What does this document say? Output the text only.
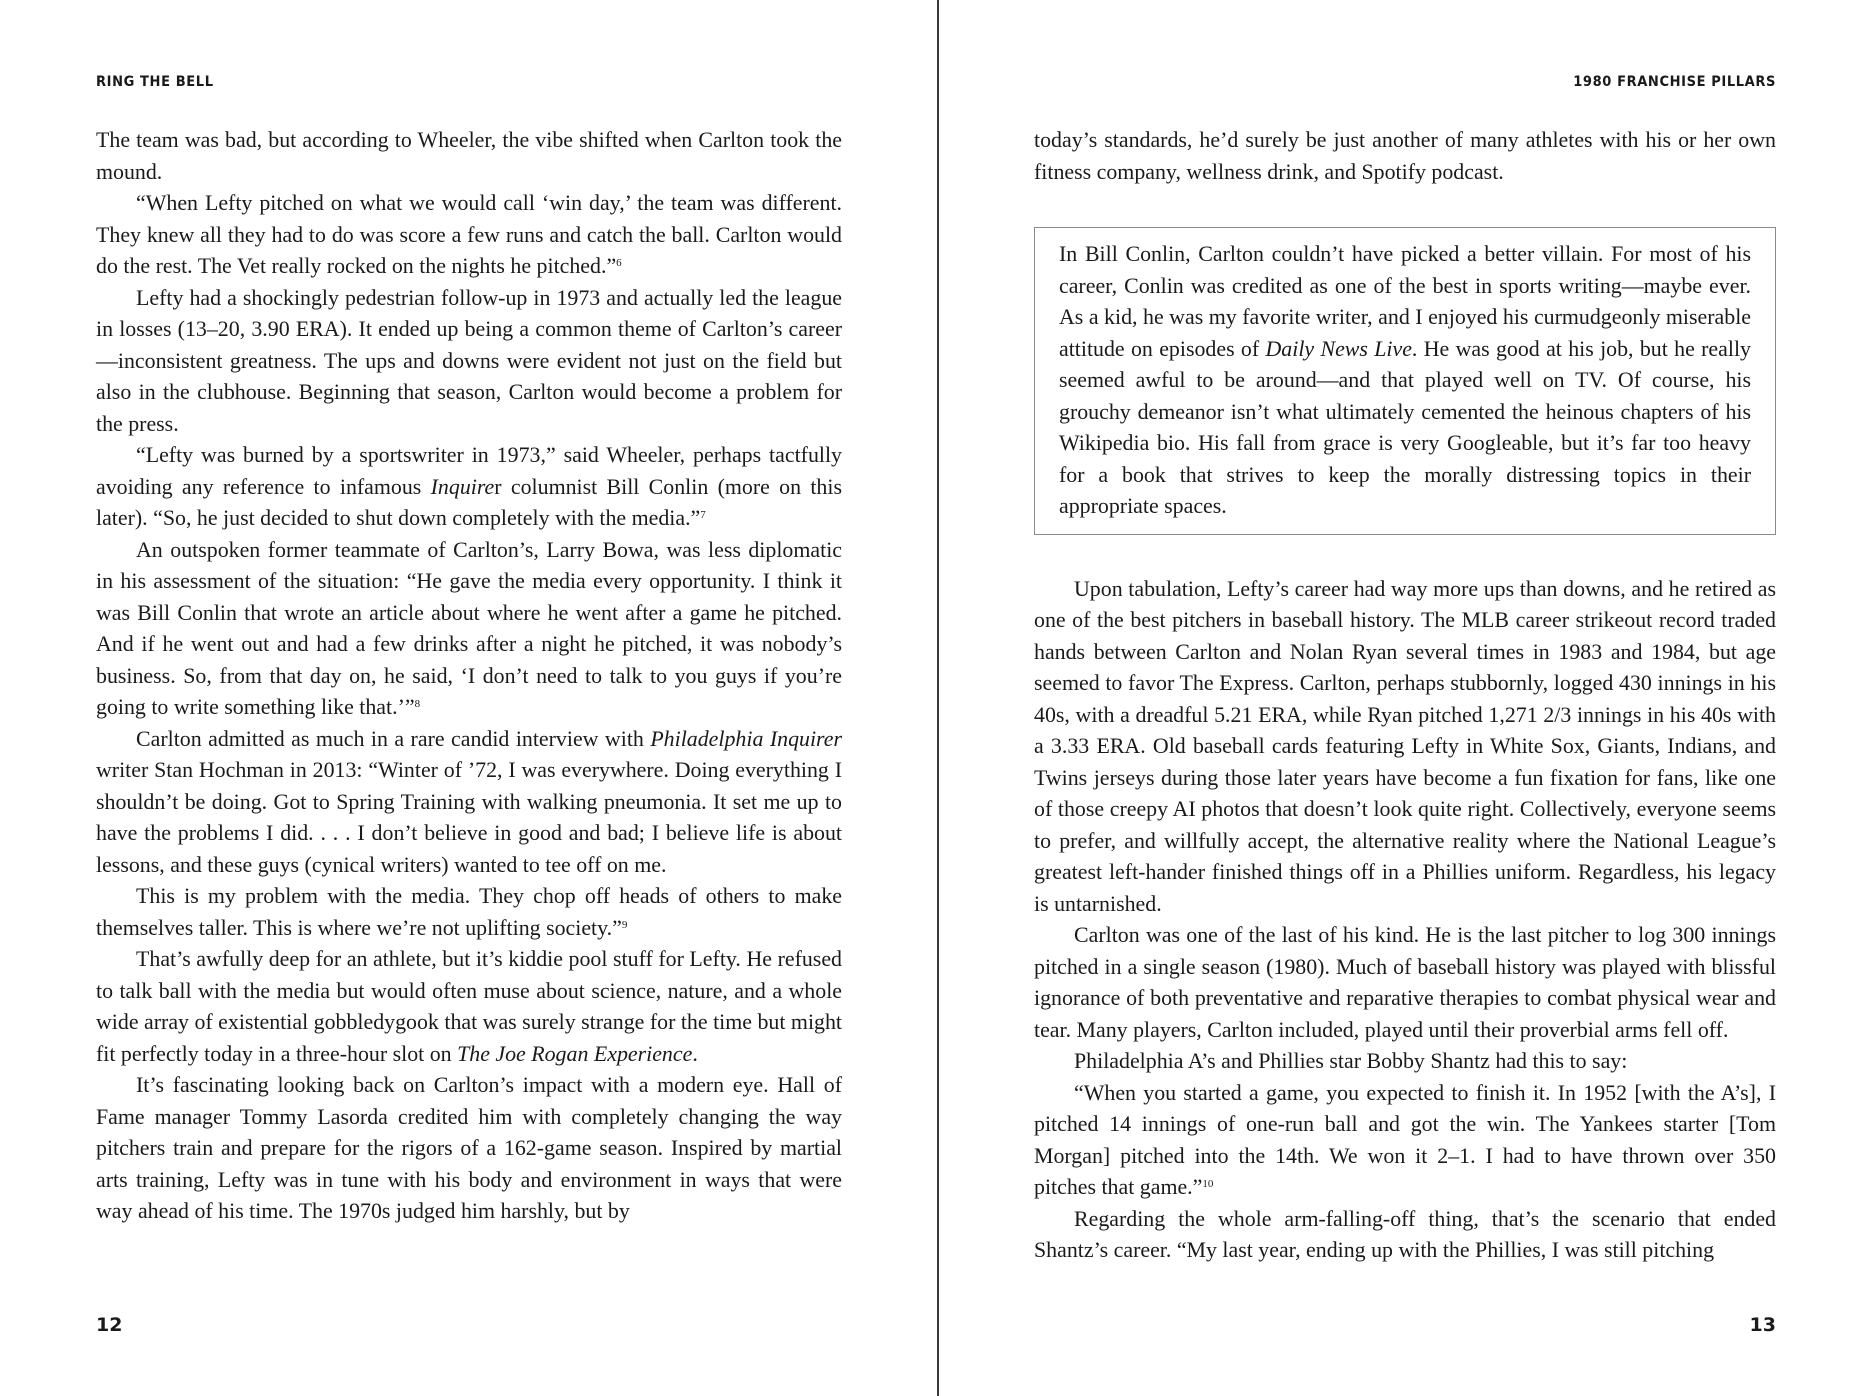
RING THE BELL

The team was bad, but according to Wheeler, the vibe shifted when Carlton took the mound.

“When Lefty pitched on what we would call ‘win day,’ the team was different. They knew all they had to do was score a few runs and catch the ball. Carlton would do the rest. The Vet really rocked on the nights he pitched.”$^6$

Lefty had a shockingly pedestrian follow-up in 1973 and actually led the league in losses (13–20, 3.90 ERA). It ended up being a common theme of Carlton’s career—inconsistent greatness. The ups and downs were evident not just on the field but also in the clubhouse. Beginning that season, Carlton would become a problem for the press.

“Lefty was burned by a sportswriter in 1973,” said Wheeler, perhaps tactfully avoiding any reference to infamous Inquirer columnist Bill Conlin (more on this later). “So, he just decided to shut down completely with the media.”$^7$

An outspoken former teammate of Carlton’s, Larry Bowa, was less diplomatic in his assessment of the situation: “He gave the media every opportunity. I think it was Bill Conlin that wrote an article about where he went after a game he pitched. And if he went out and had a few drinks after a night he pitched, it was nobody’s business. So, from that day on, he said, ‘I don’t need to talk to you guys if you’re going to write something like that.’”$^8$

Carlton admitted as much in a rare candid interview with Philadelphia Inquirer writer Stan Hochman in 2013: “Winter of ’72, I was everywhere. Doing everything I shouldn’t be doing. Got to Spring Training with walking pneumonia. It set me up to have the problems I did. . . . I don’t believe in good and bad; I believe life is about lessons, and these guys (cynical writers) wanted to tee off on me.

This is my problem with the media. They chop off heads of others to make themselves taller. This is where we’re not uplifting society.”$^9$

That’s awfully deep for an athlete, but it’s kiddie pool stuff for Lefty. He refused to talk ball with the media but would often muse about science, nature, and a whole wide array of existential gobbledygook that was surely strange for the time but might fit perfectly today in a three-hour slot on The Joe Rogan Experience.

It’s fascinating looking back on Carlton’s impact with a modern eye. Hall of Fame manager Tommy Lasorda credited him with completely changing the way pitchers train and prepare for the rigors of a 162-game season. Inspired by martial arts training, Lefty was in tune with his body and environment in ways that were way ahead of his time. The 1970s judged him harshly, but by

12
1980 FRANCHISE PILLARS

today’s standards, he’d surely be just another of many athletes with his or her own fitness company, wellness drink, and Spotify podcast.

In Bill Conlin, Carlton couldn’t have picked a better villain. For most of his career, Conlin was credited as one of the best in sports writing—maybe ever. As a kid, he was my favorite writer, and I enjoyed his curmudgeonly miserable attitude on episodes of Daily News Live. He was good at his job, but he really seemed awful to be around—and that played well on TV. Of course, his grouchy demeanor isn’t what ultimately cemented the heinous chapters of his Wikipedia bio. His fall from grace is very Googleable, but it’s far too heavy for a book that strives to keep the morally distressing topics in their appropriate spaces.

Upon tabulation, Lefty’s career had way more ups than downs, and he retired as one of the best pitchers in baseball history. The MLB career strikeout record traded hands between Carlton and Nolan Ryan several times in 1983 and 1984, but age seemed to favor The Express. Carlton, perhaps stubbornly, logged 430 innings in his 40s, with a dreadful 5.21 ERA, while Ryan pitched 1,271 2/3 innings in his 40s with a 3.33 ERA. Old baseball cards featuring Lefty in White Sox, Giants, Indians, and Twins jerseys during those later years have become a fun fixation for fans, like one of those creepy AI photos that doesn’t look quite right. Collectively, everyone seems to prefer, and willfully accept, the alternative reality where the National League’s greatest left-hander finished things off in a Phillies uniform. Regardless, his legacy is untarnished.

Carlton was one of the last of his kind. He is the last pitcher to log 300 innings pitched in a single season (1980). Much of baseball history was played with blissful ignorance of both preventative and reparative therapies to combat physical wear and tear. Many players, Carlton included, played until their proverbial arms fell off.

Philadelphia A’s and Phillies star Bobby Shantz had this to say:

“When you started a game, you expected to finish it. In 1952 [with the A’s], I pitched 14 innings of one-run ball and got the win. The Yankees starter [Tom Morgan] pitched into the 14th. We won it 2–1. I had to have thrown over 350 pitches that game.”$^{10}$

Regarding the whole arm-falling-off thing, that’s the scenario that ended Shantz’s career. “My last year, ending up with the Phillies, I was still pitching

13
